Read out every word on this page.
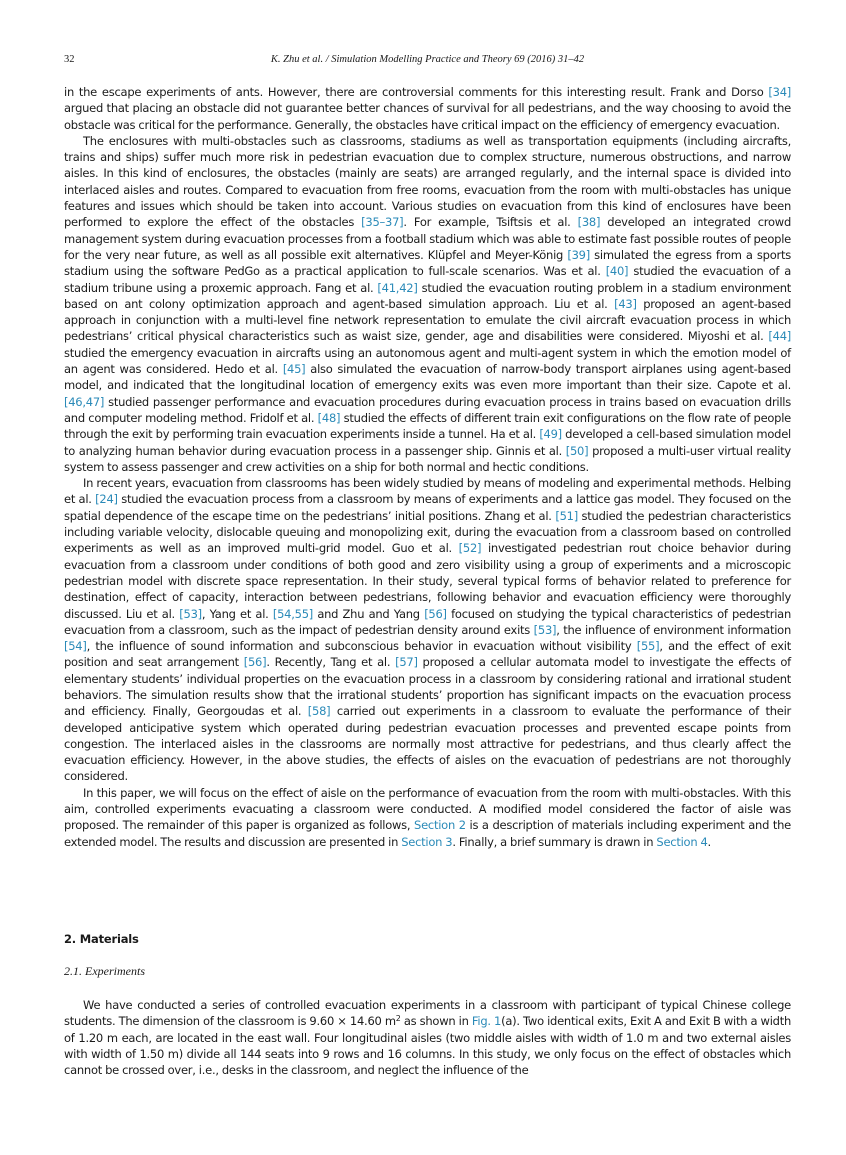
32	K. Zhu et al. / Simulation Modelling Practice and Theory 69 (2016) 31–42

in the escape experiments of ants. However, there are controversial comments for this interesting result. Frank and Dorso [34] argued that placing an obstacle did not guarantee better chances of survival for all pedestrians, and the way choosing to avoid the obstacle was critical for the performance. Generally, the obstacles have critical impact on the efficiency of emergency evacuation.

The enclosures with multi-obstacles such as classrooms, stadiums as well as transportation equipments (including aircrafts, trains and ships) suffer much more risk in pedestrian evacuation due to complex structure, numerous obstructions, and narrow aisles. In this kind of enclosures, the obstacles (mainly are seats) are arranged regularly, and the internal space is divided into interlaced aisles and routes. Compared to evacuation from free rooms, evacuation from the room with multi-obstacles has unique features and issues which should be taken into account. Various studies on evacuation from this kind of enclosures have been performed to explore the effect of the obstacles [35–37]. For example, Tsiftsis et al. [38] developed an integrated crowd management system during evacuation processes from a football stadium which was able to estimate fast possible routes of people for the very near future, as well as all possible exit alternatives. Klüpfel and Meyer-König [39] simulated the egress from a sports stadium using the software PedGo as a practical application to full-scale scenarios. Was et al. [40] studied the evacuation of a stadium tribune using a proxemic approach. Fang et al. [41,42] studied the evacuation routing problem in a stadium environment based on ant colony optimization approach and agent-based simulation approach. Liu et al. [43] proposed an agent-based approach in conjunction with a multi-level fine network representation to emulate the civil aircraft evacuation process in which pedestrians’ critical physical characteristics such as waist size, gender, age and disabilities were considered. Miyoshi et al. [44] studied the emergency evacuation in aircrafts using an autonomous agent and multi-agent system in which the emotion model of an agent was considered. Hedo et al. [45] also simulated the evacuation of narrow-body transport airplanes using agent-based model, and indicated that the longitudinal location of emergency exits was even more important than their size. Capote et al. [46,47] studied passenger performance and evacuation procedures during evacuation process in trains based on evacuation drills and computer modeling method. Fridolf et al. [48] studied the effects of different train exit configurations on the flow rate of people through the exit by performing train evacuation experiments inside a tunnel. Ha et al. [49] developed a cell-based simulation model to analyzing human behavior during evacuation process in a passenger ship. Ginnis et al. [50] proposed a multi-user virtual reality system to assess passenger and crew activities on a ship for both normal and hectic conditions.

In recent years, evacuation from classrooms has been widely studied by means of modeling and experimental methods. Helbing et al. [24] studied the evacuation process from a classroom by means of experiments and a lattice gas model. They focused on the spatial dependence of the escape time on the pedestrians’ initial positions. Zhang et al. [51] studied the pedestrian characteristics including variable velocity, dislocable queuing and monopolizing exit, during the evacuation from a classroom based on controlled experiments as well as an improved multi-grid model. Guo et al. [52] investigated pedestrian rout choice behavior during evacuation from a classroom under conditions of both good and zero visibility using a group of experiments and a microscopic pedestrian model with discrete space representation. In their study, several typical forms of behavior related to preference for destination, effect of capacity, interaction between pedestrians, following behavior and evacuation efficiency were thoroughly discussed. Liu et al. [53], Yang et al. [54,55] and Zhu and Yang [56] focused on studying the typical characteristics of pedestrian evacuation from a classroom, such as the impact of pedestrian density around exits [53], the influence of environment information [54], the influence of sound information and subconscious behavior in evacuation without visibility [55], and the effect of exit position and seat arrangement [56]. Recently, Tang et al. [57] proposed a cellular automata model to investigate the effects of elementary students’ individual properties on the evacuation process in a classroom by considering rational and irrational student behaviors. The simulation results show that the irrational students’ proportion has significant impacts on the evacuation process and efficiency. Finally, Georgoudas et al. [58] carried out experiments in a classroom to evaluate the performance of their developed anticipative system which operated during pedestrian evacuation processes and prevented escape points from congestion. The interlaced aisles in the classrooms are normally most attractive for pedestrians, and thus clearly affect the evacuation efficiency. However, in the above studies, the effects of aisles on the evacuation of pedestrians are not thoroughly considered.

In this paper, we will focus on the effect of aisle on the performance of evacuation from the room with multi-obstacles. With this aim, controlled experiments evacuating a classroom were conducted. A modified model considered the factor of aisle was proposed. The remainder of this paper is organized as follows, Section 2 is a description of materials including experiment and the extended model. The results and discussion are presented in Section 3. Finally, a brief summary is drawn in Section 4.

2. Materials
2.1. Experiments

We have conducted a series of controlled evacuation experiments in a classroom with participant of typical Chinese college students. The dimension of the classroom is 9.60 × 14.60 $m^2$ as shown in Fig. 1(a). Two identical exits, Exit A and Exit B with a width of 1.20 m each, are located in the east wall. Four longitudinal aisles (two middle aisles with width of 1.0 m and two external aisles with width of 1.50 m) divide all 144 seats into 9 rows and 16 columns. In this study, we only focus on the effect of obstacles which cannot be crossed over, i.e., desks in the classroom, and neglect the influence of the
